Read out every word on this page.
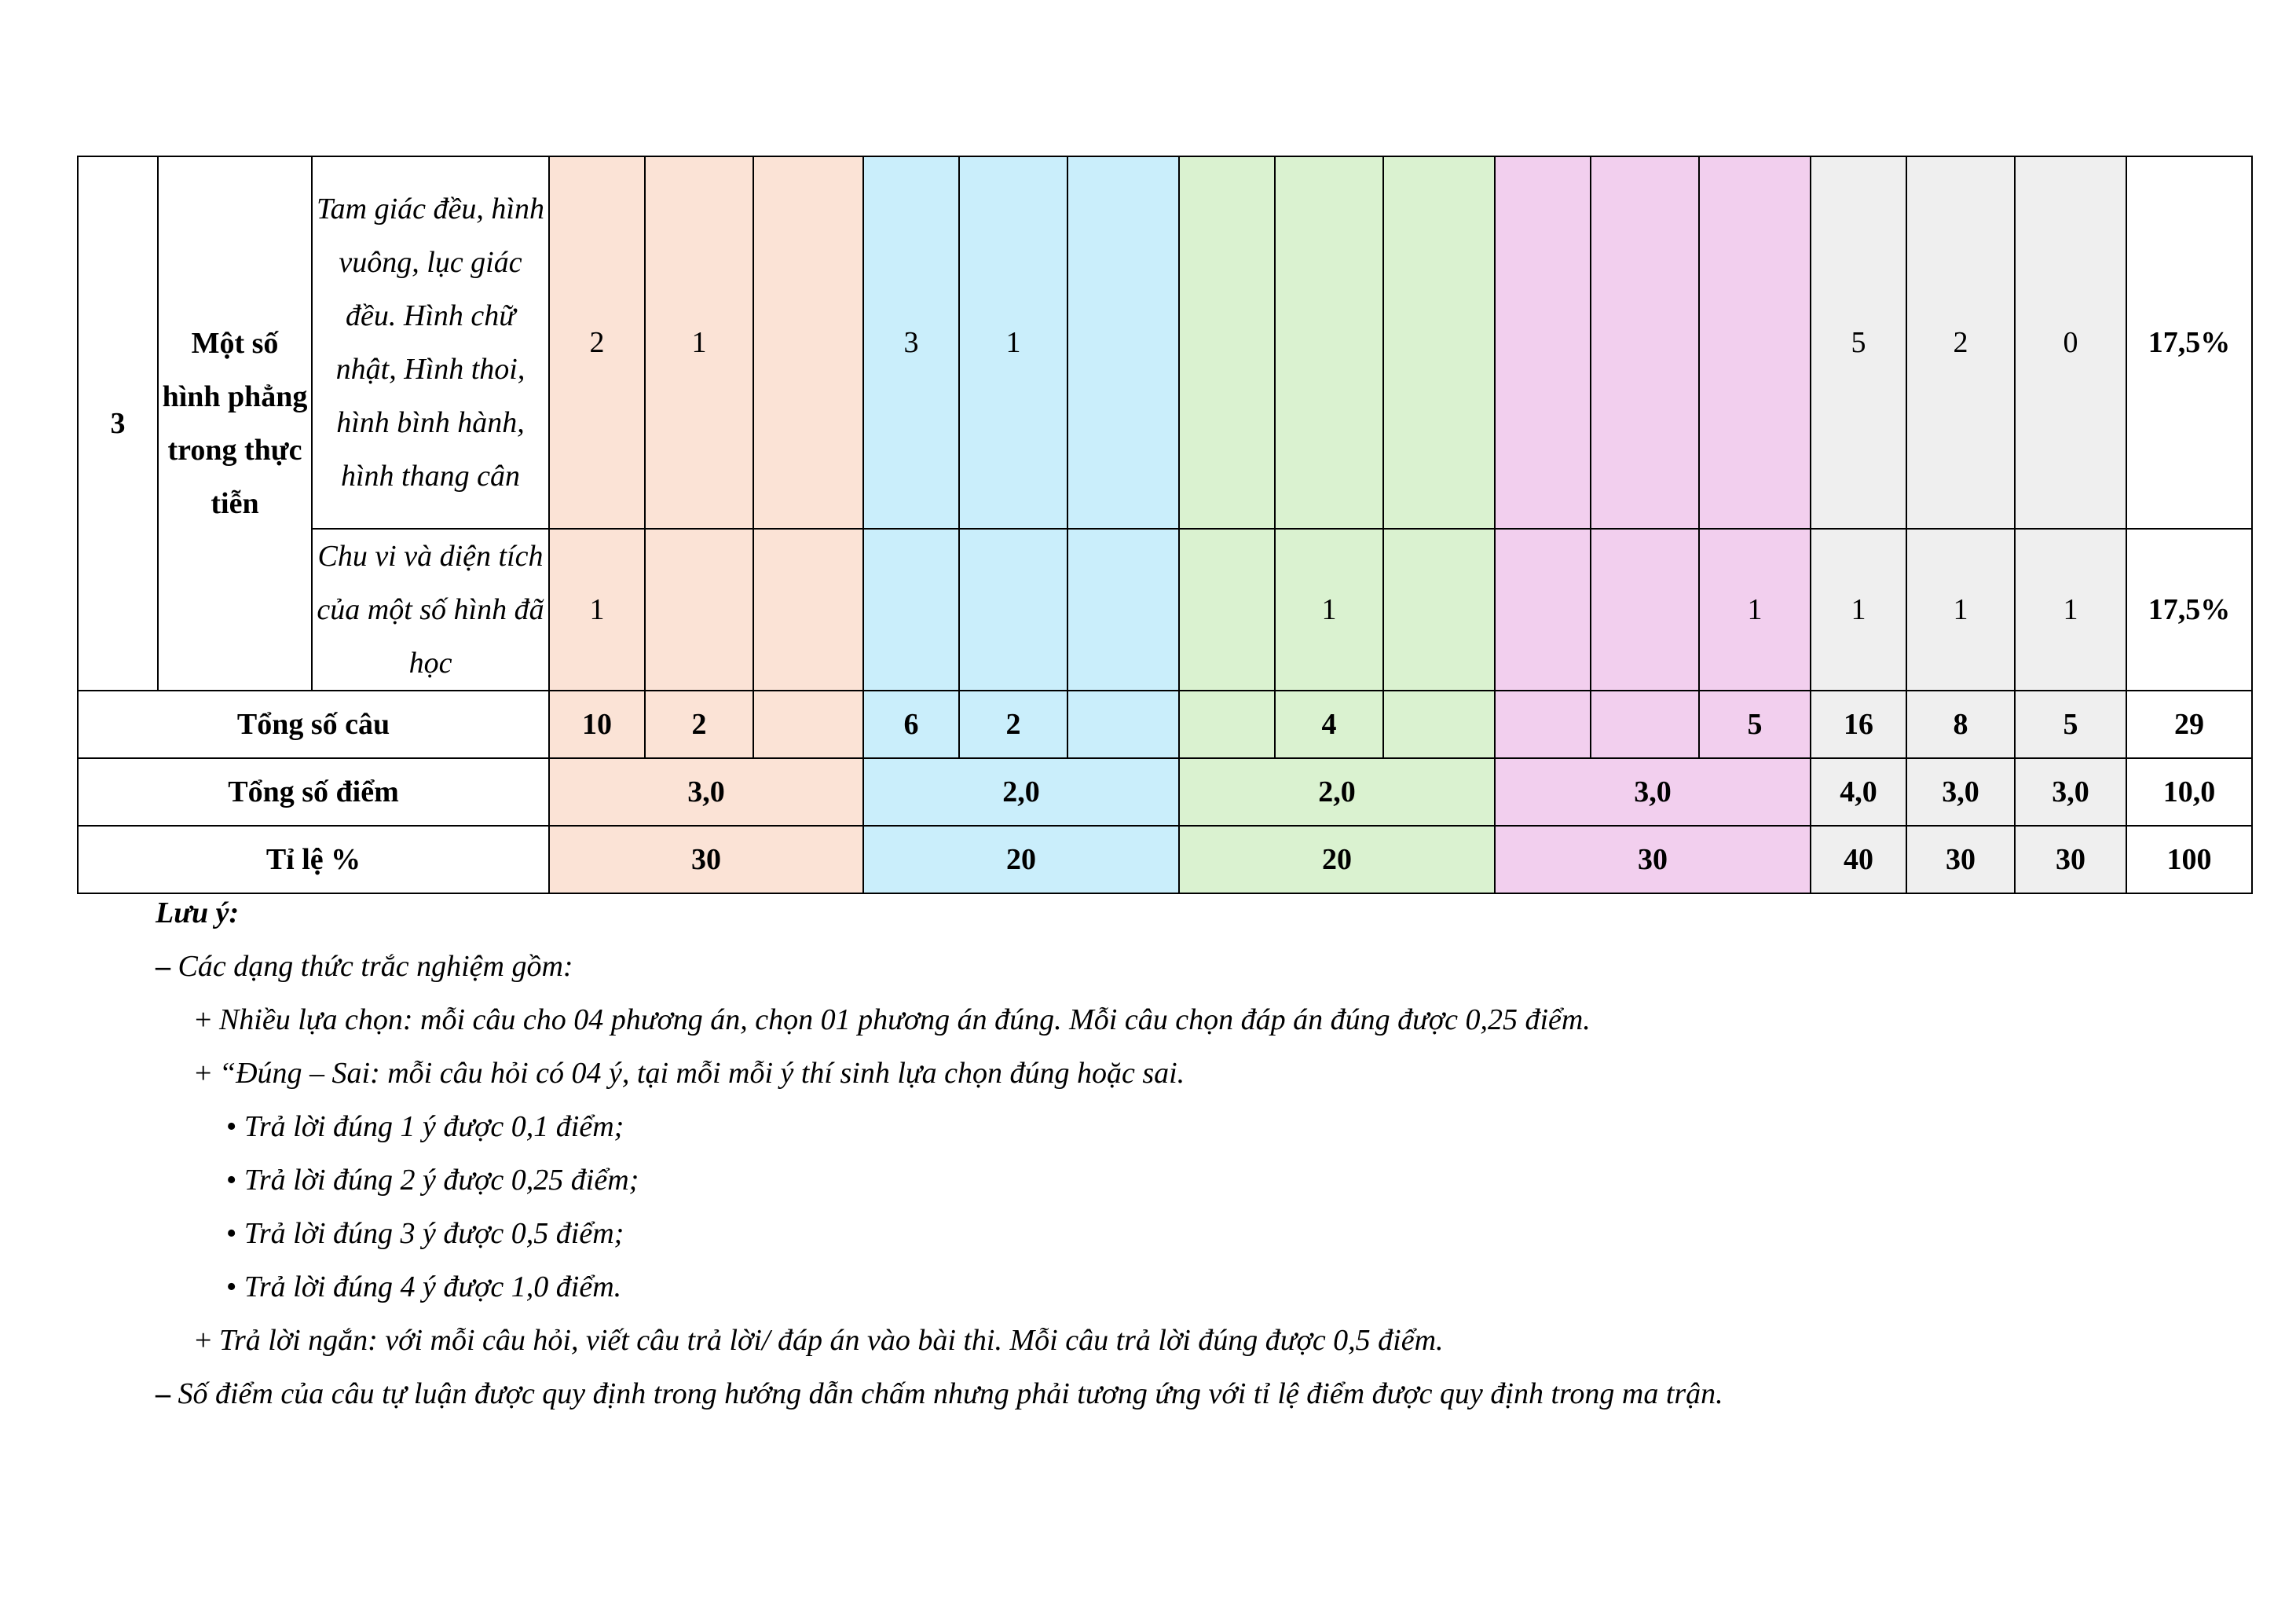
3	Một số hình phẳng trong thực tiễn	Tam giác đều, hình vuông, lục giác đều. Hình chữ nhật, Hình thoi, hình bình hành, hình thang cân	2	1		3	1								5	2	0	17,5%
		Chu vi và diện tích của một số hình đã học	1							1				1	1	1	1	17,5%
Tổng số câu			10	2		6	2			4				5	16	8	5	29
Tổng số điểm			3,0			2,0			2,0			3,0			4,0	3,0	3,0	10,0
Tỉ lệ %			30			20			20			30			40	30	30	100
Lưu ý:
– Các dạng thức trắc nghiệm gồm:
+ Nhiều lựa chọn: mỗi câu cho 04 phương án, chọn 01 phương án đúng. Mỗi câu chọn đáp án đúng được 0,25 điểm.
+ “Đúng – Sai: mỗi câu hỏi có 04 ý, tại mỗi mỗi ý thí sinh lựa chọn đúng hoặc sai.
• Trả lời đúng 1 ý được 0,1 điểm;
• Trả lời đúng 2 ý được 0,25 điểm;
• Trả lời đúng 3 ý được 0,5 điểm;
• Trả lời đúng 4 ý được 1,0 điểm.
+ Trả lời ngắn: với mỗi câu hỏi, viết câu trả lời/ đáp án vào bài thi. Mỗi câu trả lời đúng được 0,5 điểm.
– Số điểm của câu tự luận được quy định trong hướng dẫn chấm nhưng phải tương ứng với tỉ lệ điểm được quy định trong ma trận.
